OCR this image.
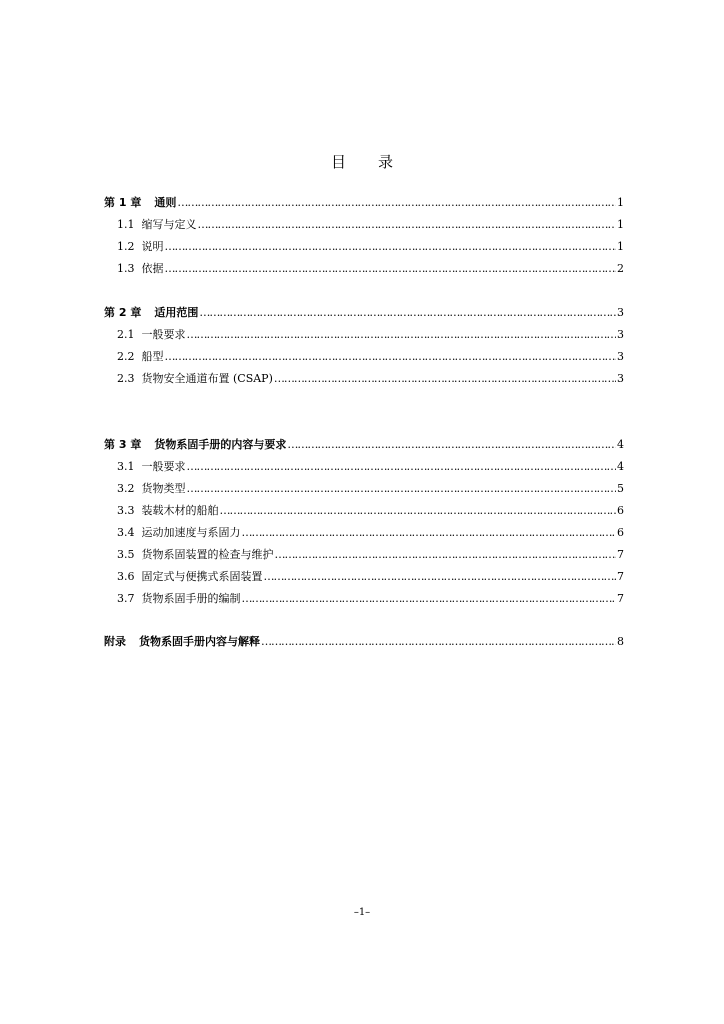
目 录
第 1 章 通则 ………………………………………………………………………………………………………………………………………………………………………………	1
1.1 缩写与定义 ………………………………………………………………………………………………………………………………………………………………………………	1
1.2 说明 ………………………………………………………………………………………………………………………………………………………………………………	1
1.3 依据 ………………………………………………………………………………………………………………………………………………………………………………	2
第 2 章 适用范围 ………………………………………………………………………………………………………………………………………………………………………………	3
2.1 一般要求 ………………………………………………………………………………………………………………………………………………………………………………	3
2.2 船型 ………………………………………………………………………………………………………………………………………………………………………………	3
2.3 货物安全通道布置 (CSAP) ………………………………………………………………………………………………………………………………………………………………………………	3
第 3 章 货物系固手册的内容与要求 ………………………………………………………………………………………………………………………………………………………………………………	4
3.1 一般要求 ………………………………………………………………………………………………………………………………………………………………………………	4
3.2 货物类型 ………………………………………………………………………………………………………………………………………………………………………………	5
3.3 装载木材的船舶 ………………………………………………………………………………………………………………………………………………………………………………	6
3.4 运动加速度与系固力 ………………………………………………………………………………………………………………………………………………………………………………	6
3.5 货物系固装置的检查与维护 ………………………………………………………………………………………………………………………………………………………………………………	7
3.6 固定式与便携式系固装置 ………………………………………………………………………………………………………………………………………………………………………………	7
3.7 货物系固手册的编制 ………………………………………………………………………………………………………………………………………………………………………………	7
附录 货物系固手册内容与解释 ………………………………………………………………………………………………………………………………………………………………………………	8
–1–
